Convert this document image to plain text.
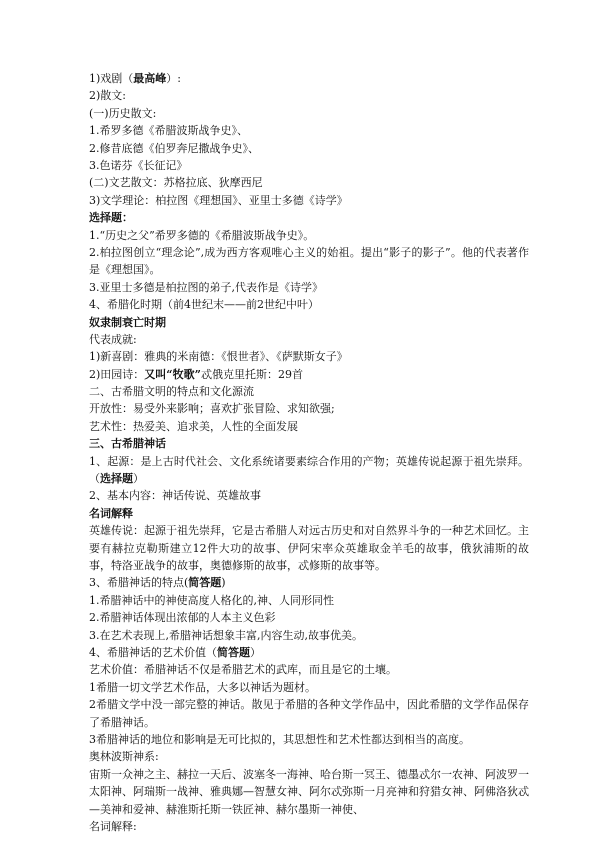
1)戏剧（最高峰）:
2)散文:
(一)历史散文:
1.希罗多德《希腊波斯战争史》、
2.修昔底德《伯罗奔尼撒战争史》、
3.色诺芬《长征记》
(二)文艺散文：苏格拉底、狄摩西尼
3)文学理论：柏拉图《理想国》、亚里士多德《诗学》
选择题：
1.“历史之父”希罗多德的《希腊波斯战争史》。
2.柏拉图创立“理念论”,成为西方客观唯心主义的始祖。提出“影子的影子”。他的代表著作是《理想国》。
3.亚里士多德是柏拉图的弟子,代表作是《诗学》
4、希腊化时期（前4世纪末——前2世纪中叶）
奴隶制衰亡时期
代表成就:
1)新喜剧：雅典的米南德：《恨世者》、《萨默斯女子》
2)田园诗：又叫“牧歌”忒俄克里托斯：29首
二、古希腊文明的特点和文化源流
开放性：易受外来影响；喜欢扩张冒险、求知欲强;
艺术性：热爱美、追求美，人性的全面发展
三、古希腊神话
1、起源：是上古时代社会、文化系统诸要素综合作用的产物；英雄传说起源于祖先崇拜。（选择题）
2、基本内容：神话传说、英雄故事
名词解释
英雄传说：起源于祖先崇拜，它是古希腊人对远古历史和对自然界斗争的一种艺术回忆。主要有赫拉克勒斯建立12件大功的故事、伊阿宋率众英雄取金羊毛的故事，俄狄浦斯的故事，特洛亚战争的故事，奥德修斯的故事，忒修斯的故事等。
3、希腊神话的特点(简答题)
1.希腊神话中的神使高度人格化的,神、人同形同性
2.希腊神话体现出浓郁的人本主义色彩
3.在艺术表现上,希腊神话想象丰富,内容生动,故事优美。
4、希腊神话的艺术价值（简答题）
艺术价值：希腊神话不仅是希腊艺术的武库，而且是它的土壤。
1希腊一切文学艺术作品，大多以神话为题材。
2希腊文学中没一部完整的神话。散见于希腊的各种文学作品中，因此希腊的文学作品保存了希腊神话。
3希腊神话的地位和影响是无可比拟的，其思想性和艺术性都达到相当的高度。
奥林波斯神系:
宙斯一众神之主、赫拉一天后、波塞冬一海神、哈台斯一冥王、德墨忒尔一农神、阿波罗一太阳神、阿瑞斯一战神、雅典娜—智慧女神、阿尔忒弥斯一月亮神和狩猎女神、阿佛洛狄忒—美神和爱神、赫淮斯托斯一铁匠神、赫尔墨斯一神使、
名词解释:
